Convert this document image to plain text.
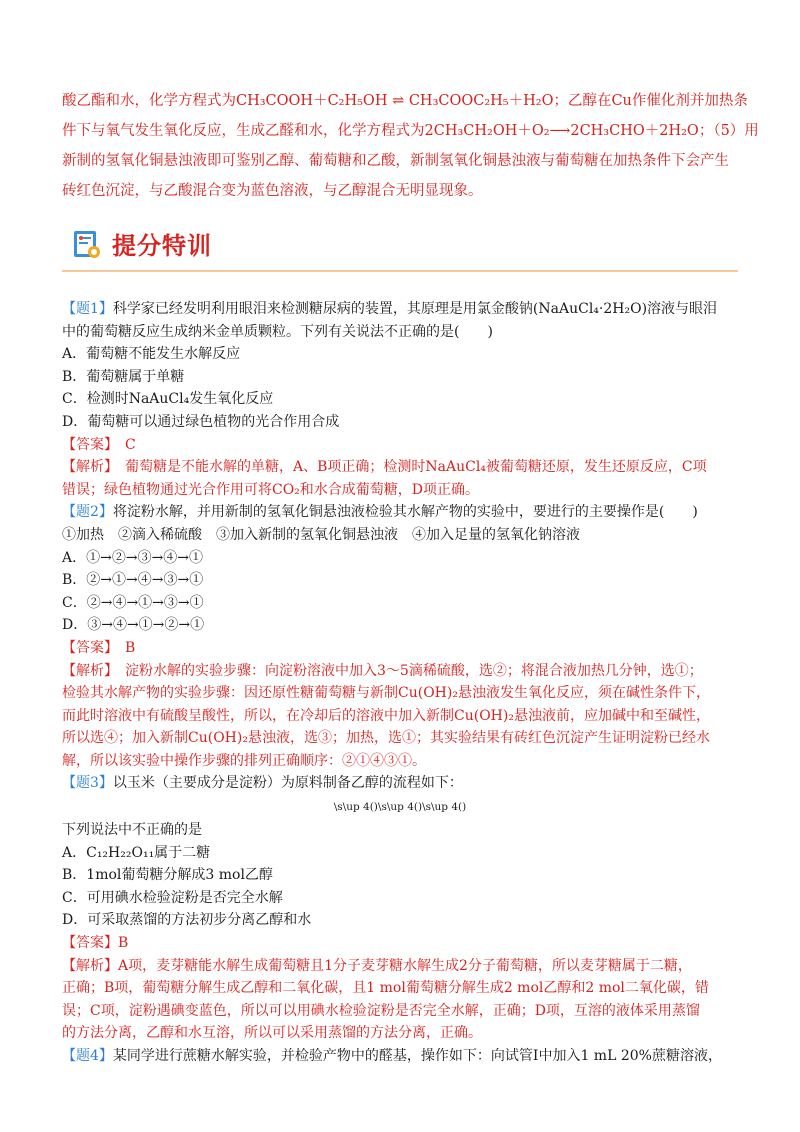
酸乙酯和水，化学方程式为CH₃COOH＋C₂H₅OH ⇌ CH₃COOC₂H₅＋H₂O；乙醇在Cu作催化剂并加热条

件下与氧气发生氧化反应，生成乙醛和水，化学方程式为2CH₃CH₂OH＋O₂⟶2CH₃CHO＋2H₂O；（5）用

新制的氢氧化铜悬浊液即可鉴别乙醇、葡萄糖和乙酸，新制氢氧化铜悬浊液与葡萄糖在加热条件下会产生

砖红色沉淀，与乙酸混合变为蓝色溶液，与乙醇混合无明显现象。

提分特训

【题1】科学家已经发明利用眼泪来检测糖尿病的装置，其原理是用氯金酸钠(NaAuCl₄·2H₂O)溶液与眼泪

中的葡萄糖反应生成纳米金单质颗粒。下列有关说法不正确的是(　　)

A．葡萄糖不能发生水解反应

B．葡萄糖属于单糖

C．检测时NaAuCl₄发生氧化反应

D．葡萄糖可以通过绿色植物的光合作用合成

【答案】　 C

【解析】　 葡萄糖是不能水解的单糖，A、B项正确；检测时NaAuCl₄被葡萄糖还原，发生还原反应，C项

错误；绿色植物通过光合作用可将CO₂和水合成葡萄糖，D项正确。

【题2】将淀粉水解，并用新制的氢氧化铜悬浊液检验其水解产物的实验中，要进行的主要操作是(　　)

①加热　②滴入稀硫酸　③加入新制的氢氧化铜悬浊液　④加入足量的氢氧化钠溶液

A．①→②→③→④→①

B．②→①→④→③→①

C．②→④→①→③→①

D．③→④→①→②→①

【答案】　 B

【解析】　 淀粉水解的实验步骤：向淀粉溶液中加入3～5滴稀硫酸，选②；将混合液加热几分钟，选①；

检验其水解产物的实验步骤：因还原性糖葡萄糖与新制Cu(OH)₂悬浊液发生氧化反应，须在碱性条件下，

而此时溶液中有硫酸呈酸性，所以，在冷却后的溶液中加入新制Cu(OH)₂悬浊液前，应加碱中和至碱性，

所以选④；加入新制Cu(OH)₂悬浊液，选③；加热，选①；其实验结果有砖红色沉淀产生证明淀粉已经水

解，所以该实验中操作步骤的排列正确顺序：②①④③①。

【题3】以玉米（主要成分是淀粉）为原料制备乙醇的流程如下：

\s\up 4()\s\up 4()\s\up 4()

下列说法中不正确的是

A．C₁₂H₂₂O₁₁属于二糖

B．1mol葡萄糖分解成3 mol乙醇

C．可用碘水检验淀粉是否完全水解

D．可采取蒸馏的方法初步分离乙醇和水

【答案】B

【解析】A项，麦芽糖能水解生成葡萄糖且1分子麦芽糖水解生成2分子葡萄糖，所以麦芽糖属于二糖，

正确；B项，葡萄糖分解生成乙醇和二氧化碳，且1 mol葡萄糖分解生成2 mol乙醇和2 mol二氧化碳，错

误；C项，淀粉遇碘变蓝色，所以可以用碘水检验淀粉是否完全水解，正确；D项，互溶的液体采用蒸馏

的方法分离，乙醇和水互溶，所以可以采用蒸馏的方法分离，正确。

【题4】某同学进行蔗糖水解实验，并检验产物中的醛基，操作如下：向试管Ⅰ中加入1 mL 20%蔗糖溶液，
